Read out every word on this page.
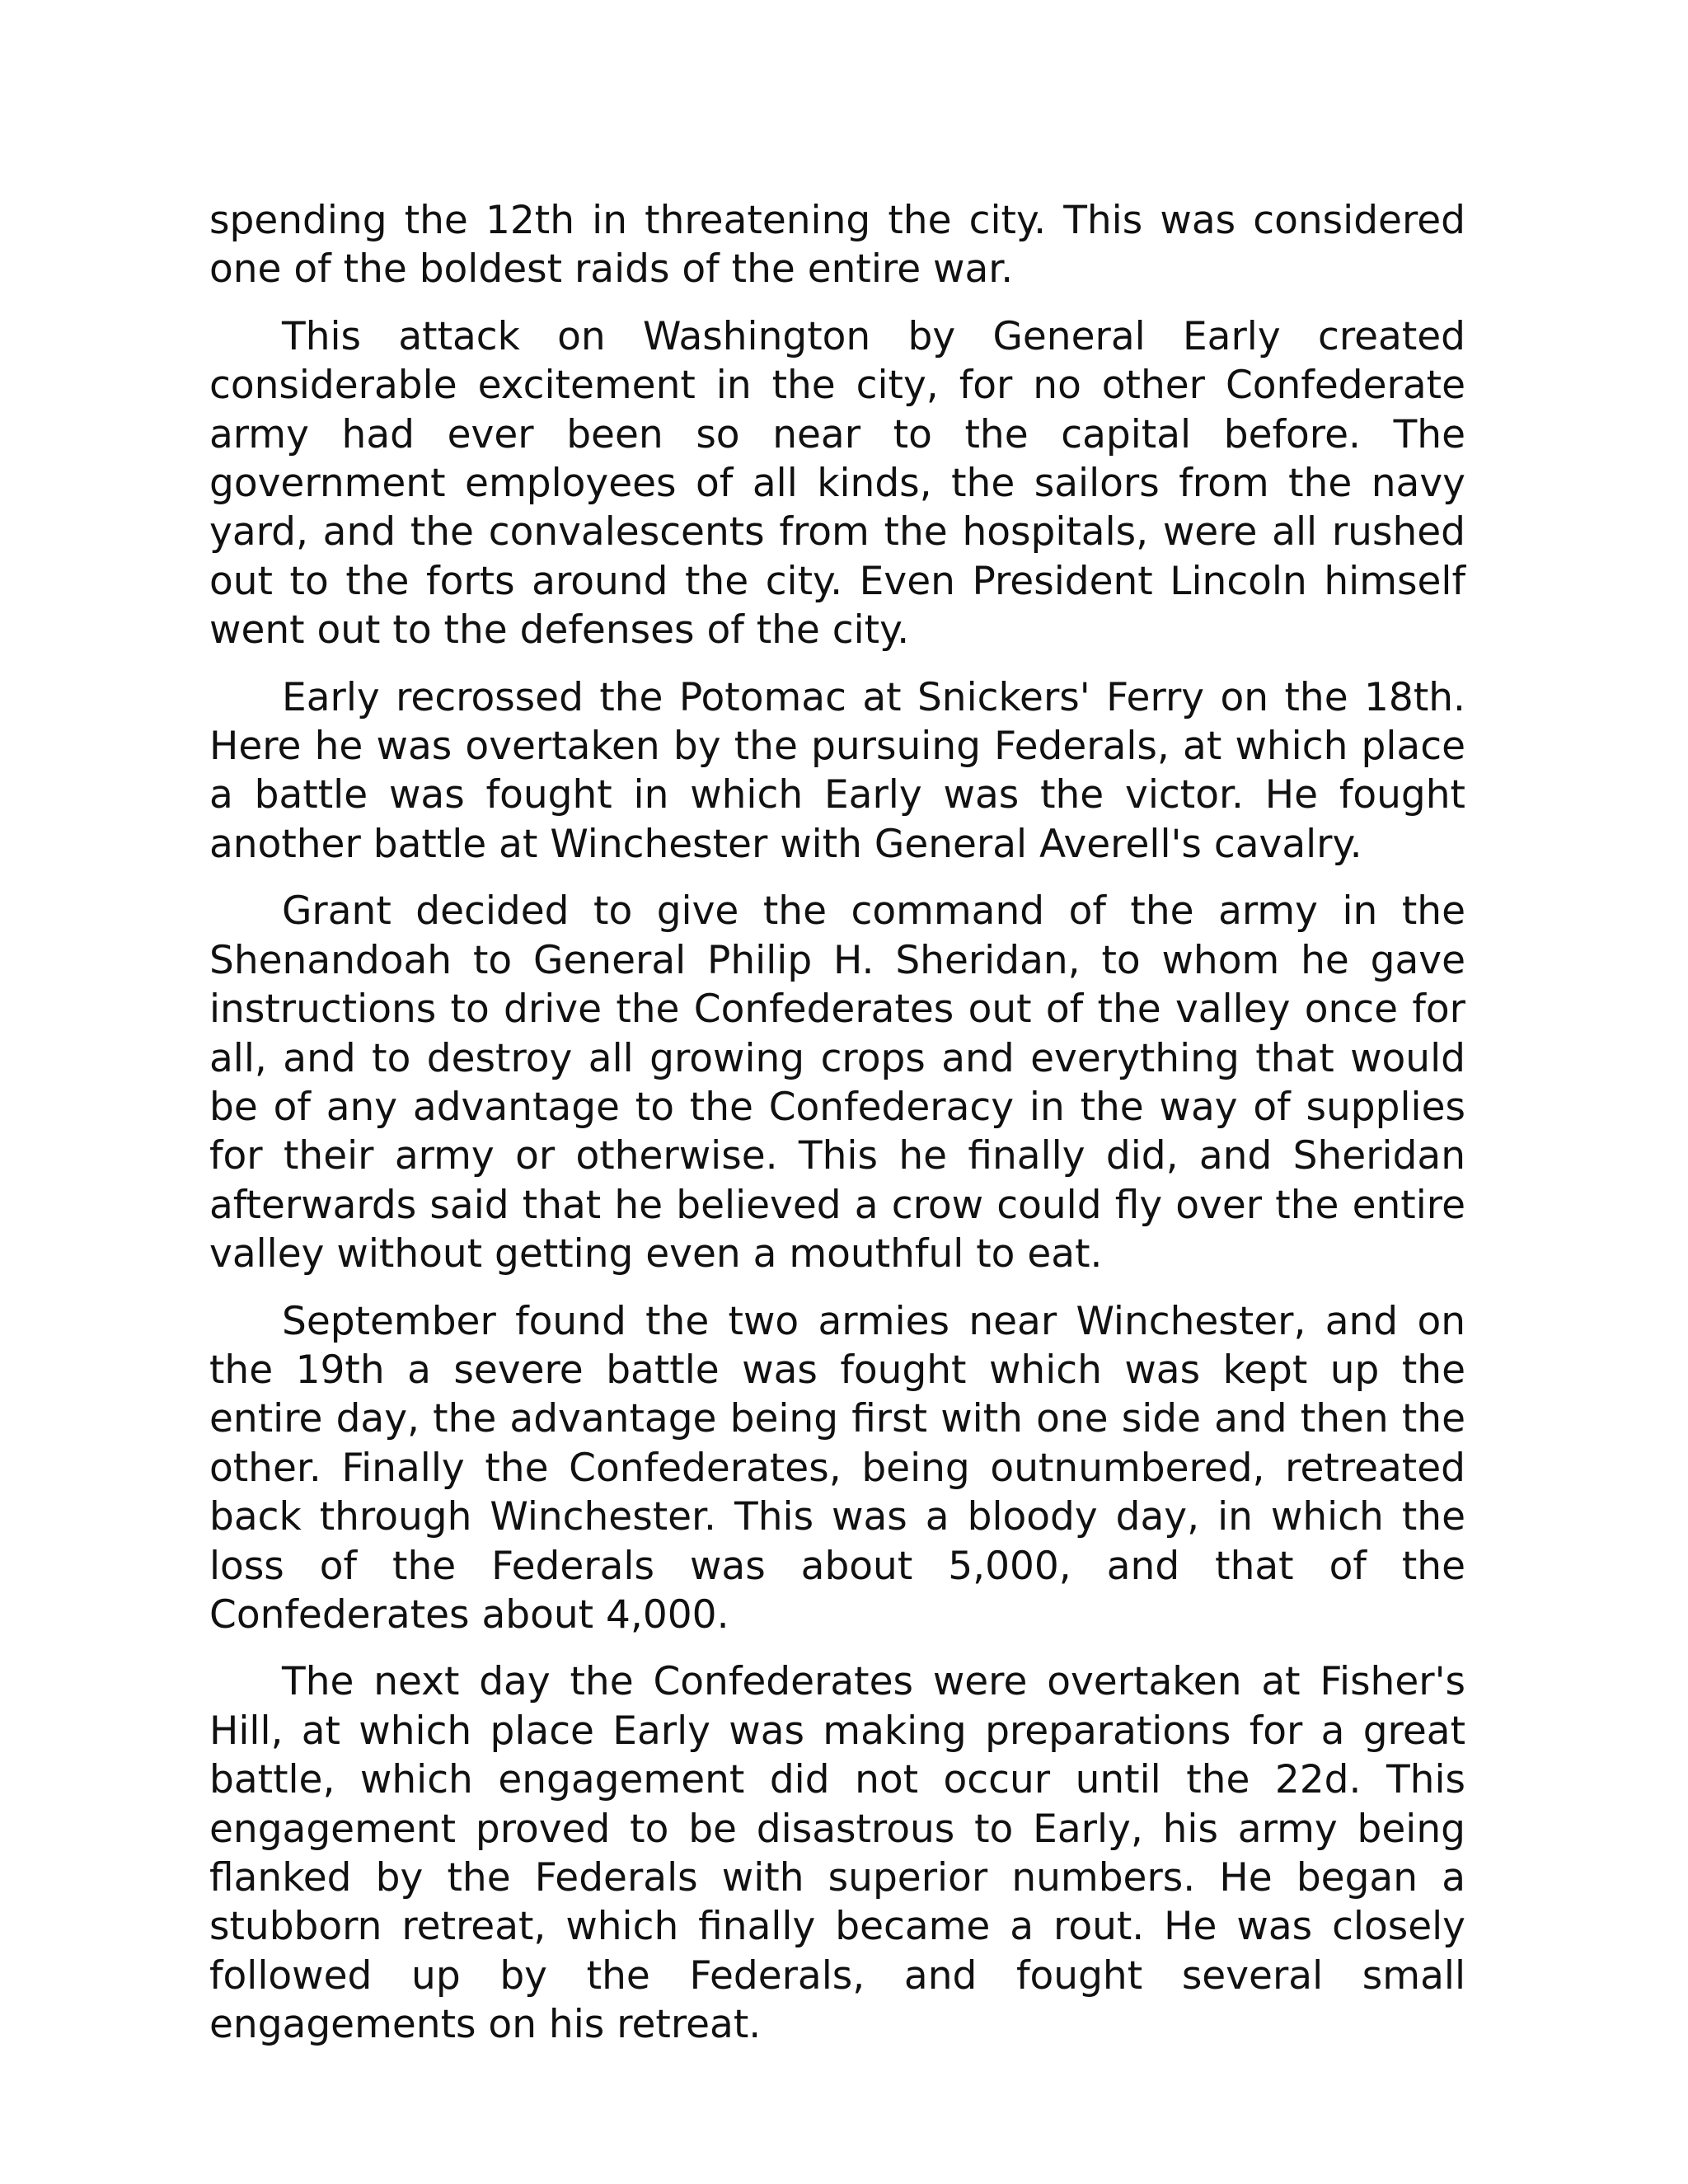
spending the 12th in threatening the city. This was considered one of the boldest raids of the entire war.

This attack on Washington by General Early created considerable excitement in the city, for no other Confederate army had ever been so near to the capital before. The government employees of all kinds, the sailors from the navy yard, and the convalescents from the hospitals, were all rushed out to the forts around the city. Even President Lincoln himself went out to the defenses of the city.

Early recrossed the Potomac at Snickers' Ferry on the 18th. Here he was overtaken by the pursuing Federals, at which place a battle was fought in which Early was the victor. He fought another battle at Winchester with General Averell's cavalry.

Grant decided to give the command of the army in the Shenandoah to General Philip H. Sheridan, to whom he gave instructions to drive the Confederates out of the valley once for all, and to destroy all growing crops and everything that would be of any advantage to the Confederacy in the way of supplies for their army or otherwise. This he finally did, and Sheridan afterwards said that he believed a crow could fly over the entire valley without getting even a mouthful to eat.

September found the two armies near Winchester, and on the 19th a severe battle was fought which was kept up the entire day, the advantage being first with one side and then the other. Finally the Confederates, being outnumbered, retreated back through Winchester. This was a bloody day, in which the loss of the Federals was about 5,000, and that of the Confederates about 4,000.

The next day the Confederates were overtaken at Fisher's Hill, at which place Early was making preparations for a great battle, which engagement did not occur until the 22d. This engagement proved to be disastrous to Early, his army being flanked by the Federals with superior numbers. He began a stubborn retreat, which finally became a rout. He was closely followed up by the Federals, and fought several small engagements on his retreat.
